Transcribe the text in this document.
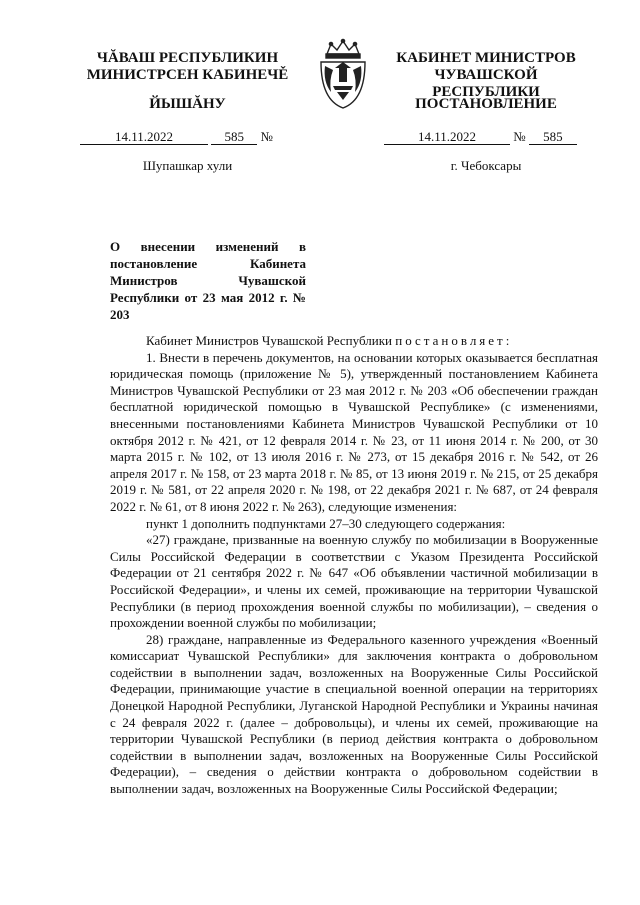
ЧĂВАШ РЕСПУБЛИКИН
МИНИСТРСЕН КАБИНЕЧĚ
ЙЫШĂНУ
КАБИНЕТ МИНИСТРОВ
ЧУВАШСКОЙ РЕСПУБЛИКИ
ПОСТАНОВЛЕНИЕ
14.11.2022	585 №	14.11.2022	№ 585
Шупашкар хули	г. Чебоксары
О внесении изменений в постановление Кабинета Министров Чувашской Республики от 23 мая 2012 г. № 203

Кабинет Министров Чувашской Республики постановляет:

1. Внести в перечень документов, на основании которых оказывается бесплатная юридическая помощь (приложение № 5), утвержденный постановлением Кабинета Министров Чувашской Республики от 23 мая 2012 г. № 203 «Об обеспечении граждан бесплатной юридической помощью в Чувашской Республике» (с изменениями, внесенными постановлениями Кабинета Министров Чувашской Республики от 10 октября 2012 г. № 421, от 12 февраля 2014 г. № 23, от 11 июня 2014 г. № 200, от 30 марта 2015 г. № 102, от 13 июля 2016 г. № 273, от 15 декабря 2016 г. № 542, от 26 апреля 2017 г. № 158, от 23 марта 2018 г. № 85, от 13 июня 2019 г. № 215, от 25 декабря 2019 г. № 581, от 22 апреля 2020 г. № 198, от 22 декабря 2021 г. № 687, от 24 февраля 2022 г. № 61, от 8 июня 2022 г. № 263), следующие изменения:

пункт 1 дополнить подпунктами 27–30 следующего содержания:

«27) граждане, призванные на военную службу по мобилизации в Вооруженные Силы Российской Федерации в соответствии с Указом Президента Российской Федерации от 21 сентября 2022 г. № 647 «Об объявлении частичной мобилизации в Российской Федерации», и члены их семей, проживающие на территории Чувашской Республики (в период прохождения военной службы по мобилизации), – сведения о прохождении военной службы по мобилизации;

28) граждане, направленные из Федерального казенного учреждения «Военный комиссариат Чувашской Республики» для заключения контракта о добровольном содействии в выполнении задач, возложенных на Вооруженные Силы Российской Федерации, принимающие участие в специальной военной операции на территориях Донецкой Народной Республики, Луганской Народной Республики и Украины начиная с 24 февраля 2022 г. (далее – добровольцы), и члены их семей, проживающие на территории Чувашской Республики (в период действия контракта о добровольном содействии в выполнении задач, возложенных на Вооруженные Силы Российской Федерации), – сведения о действии контракта о добровольном содействии в выполнении задач, возложенных на Вооруженные Силы Российской Федерации;
